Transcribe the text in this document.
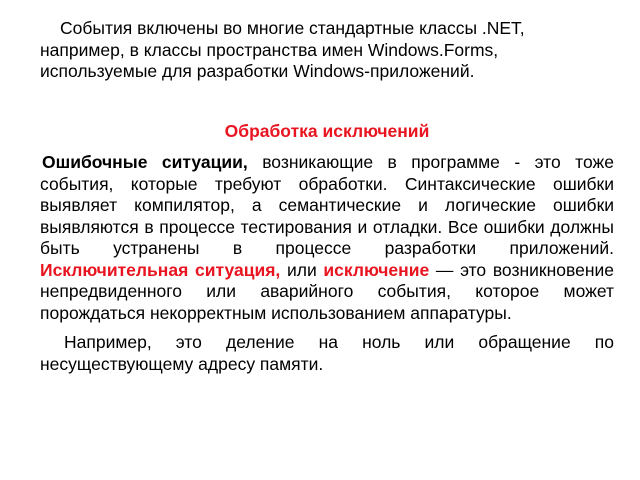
События включены во многие стандартные классы .NET, например, в классы пространства имен Windows.Forms, используемые для разработки Windows-приложений.

Обработка исключений

Ошибочные ситуации, возникающие в программе - это тоже события, которые требуют обработки. Синтаксические ошибки выявляет компилятор, а семантические и логические ошибки выявляются в процессе тестирования и отладки. Все ошибки должны быть устранены в процессе разработки приложений. Исключительная ситуация, или исключение — это возникновение непредвиденного или аварийного события, которое может порождаться некорректным использованием аппаратуры.

Например, это деление на ноль или обращение по несуществующему адресу памяти.
